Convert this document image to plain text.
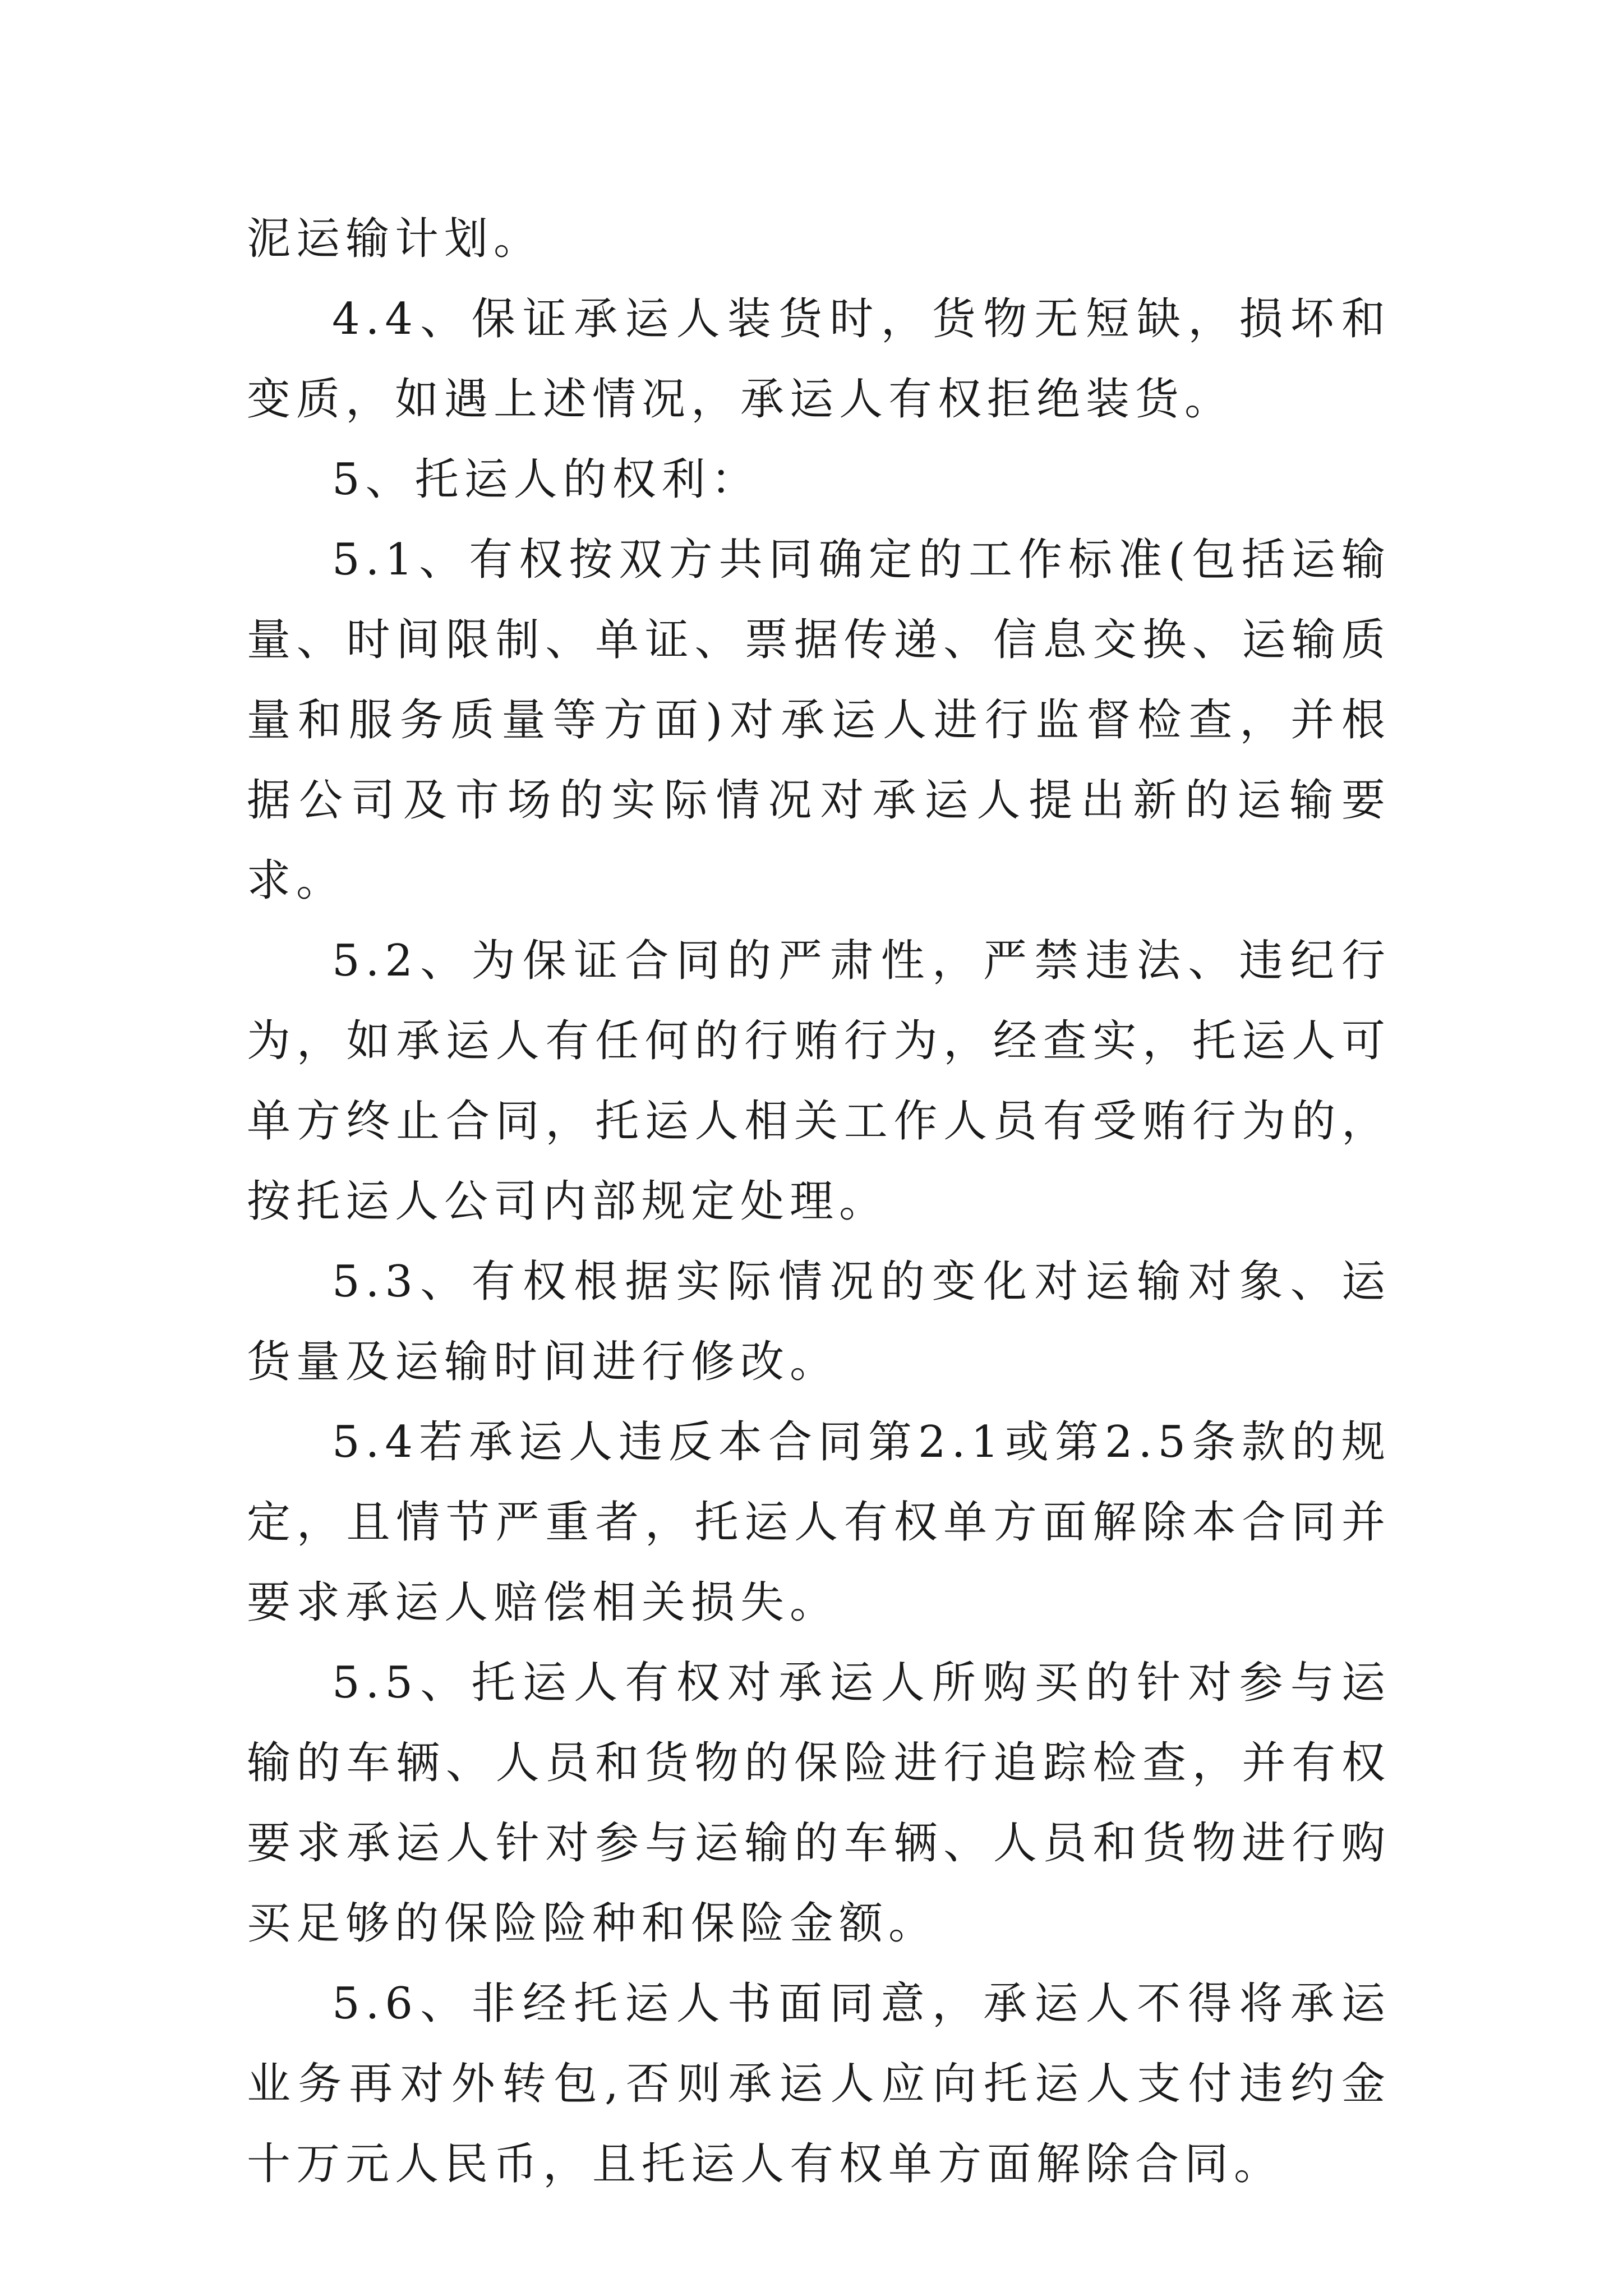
泥运输计划。

4.4、保证承运人装货时，货物无短缺，损坏和变质，如遇上述情况，承运人有权拒绝装货。

5、托运人的权利：

5.1、有权按双方共同确定的工作标准(包括运输量、时间限制、单证、票据传递、信息交换、运输质量和服务质量等方面)对承运人进行监督检查，并根据公司及市场的实际情况对承运人提出新的运输要求。

5.2、为保证合同的严肃性，严禁违法、违纪行为，如承运人有任何的行贿行为，经查实，托运人可单方终止合同，托运人相关工作人员有受贿行为的，按托运人公司内部规定处理。

5.3、有权根据实际情况的变化对运输对象、运货量及运输时间进行修改。

5.4若承运人违反本合同第2.1或第2.5条款的规定，且情节严重者，托运人有权单方面解除本合同并要求承运人赔偿相关损失。

5.5、托运人有权对承运人所购买的针对参与运输的车辆、人员和货物的保险进行追踪检查，并有权要求承运人针对参与运输的车辆、人员和货物进行购买足够的保险险种和保险金额。

5.6、非经托运人书面同意，承运人不得将承运业务再对外转包,否则承运人应向托运人支付违约金十万元人民币，且托运人有权单方面解除合同。
